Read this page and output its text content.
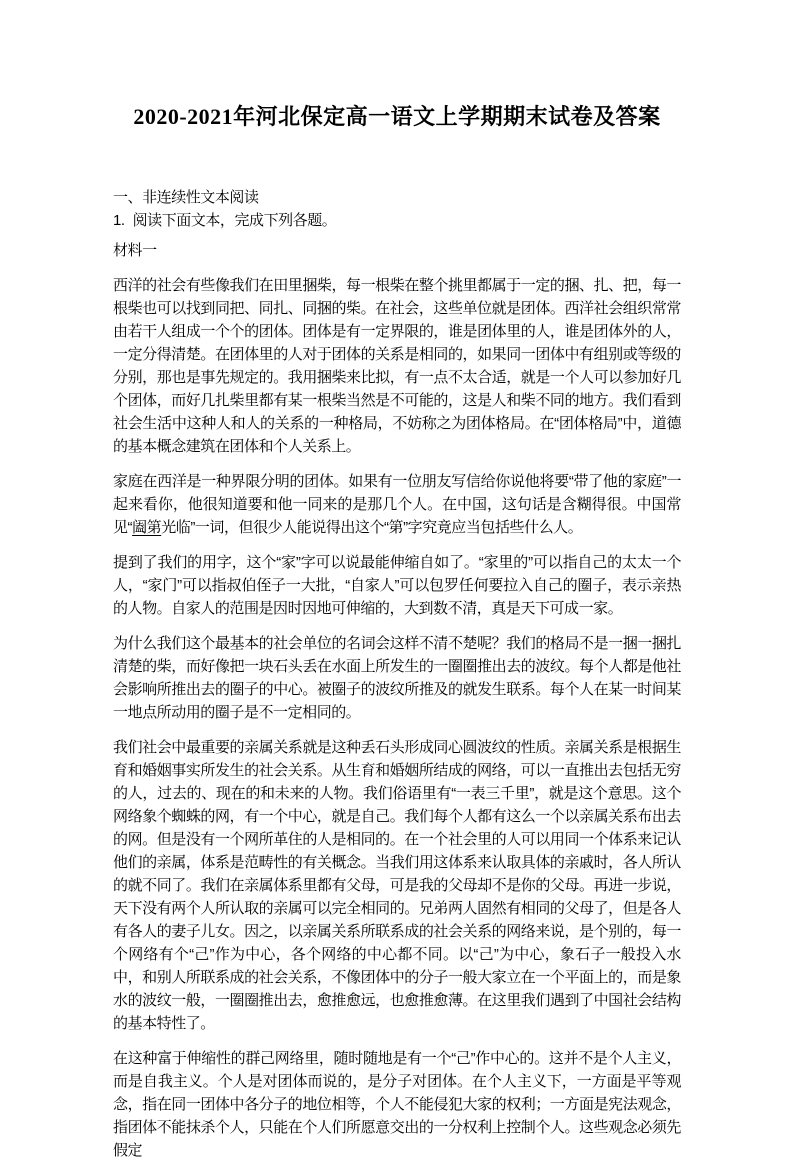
2020-2021年河北保定高一语文上学期期末试卷及答案
一、非连续性文本阅读
1. 阅读下面文本，完成下列各题。

材料一

西洋的社会有些像我们在田里捆柴，每一根柴在整个挑里都属于一定的捆、扎、把，每一根柴也可以找到同把、同扎、同捆的柴。在社会，这些单位就是团体。西洋社会组织常常由若干人组成一个个的团体。团体是有一定界限的，谁是团体里的人，谁是团体外的人，一定分得清楚。在团体里的人对于团体的关系是相同的，如果同一团体中有组别或等级的分别，那也是事先规定的。我用捆柴来比拟，有一点不太合适，就是一个人可以参加好几个团体，而好几扎柴里都有某一根柴当然是不可能的，这是人和柴不同的地方。我们看到社会生活中这种人和人的关系的一种格局，不妨称之为团体格局。在“团体格局”中，道德的基本概念建筑在团体和个人关系上。

家庭在西洋是一种界限分明的团体。如果有一位朋友写信给你说他将要“带了他的家庭”一起来看你，他很知道要和他一同来的是那几个人。在中国，这句话是含糊得很。中国常见“阖第光临”一词，但很少人能说得出这个“第”字究竟应当包括些什么人。

提到了我们的用字，这个“家”字可以说最能伸缩自如了。“家里的”可以指自己的太太一个人，“家门”可以指叔伯侄子一大批，“自家人”可以包罗任何要拉入自己的圈子，表示亲热的人物。自家人的范围是因时因地可伸缩的，大到数不清，真是天下可成一家。

为什么我们这个最基本的社会单位的名词会这样不清不楚呢？我们的格局不是一捆一捆扎清楚的柴，而好像把一块石头丢在水面上所发生的一圈圈推出去的波纹。每个人都是他社会影响所推出去的圈子的中心。被圈子的波纹所推及的就发生联系。每个人在某一时间某一地点所动用的圈子是不一定相同的。

我们社会中最重要的亲属关系就是这种丢石头形成同心圆波纹的性质。亲属关系是根据生育和婚姻事实所发生的社会关系。从生育和婚姻所结成的网络，可以一直推出去包括无穷的人，过去的、现在的和未来的人物。我们俗语里有“一表三千里”，就是这个意思。这个网络象个蜘蛛的网，有一个中心，就是自己。我们每个人都有这么一个以亲属关系布出去的网。但是没有一个网所革住的人是相同的。在一个社会里的人可以用同一个体系来记认他们的亲属，体系是范畴性的有关概念。当我们用这体系来认取具体的亲戚时，各人所认的就不同了。我们在亲属体系里都有父母，可是我的父母却不是你的父母。再进一步说，天下没有两个人所认取的亲属可以完全相同的。兄弟两人固然有相同的父母了，但是各人有各人的妻子儿女。因之，以亲属关系所联系成的社会关系的网络来说，是个别的，每一个网络有个“己”作为中心，各个网络的中心都不同。以“己”为中心，象石子一般投入水中，和别人所联系成的社会关系，不像团体中的分子一般大家立在一个平面上的，而是象水的波纹一般，一圈圈推出去，愈推愈远，也愈推愈薄。在这里我们遇到了中国社会结构的基本特性了。

在这种富于伸缩性的群己网络里，随时随地是有一个“己”作中心的。这并不是个人主义，而是自我主义。个人是对团体而说的，是分子对团体。在个人主义下，一方面是平等观念，指在同一团体中各分子的地位相等，个人不能侵犯大家的权利；一方面是宪法观念，指团体不能抹杀个人，只能在个人们所愿意交出的一分权利上控制个人。这些观念必须先假定
